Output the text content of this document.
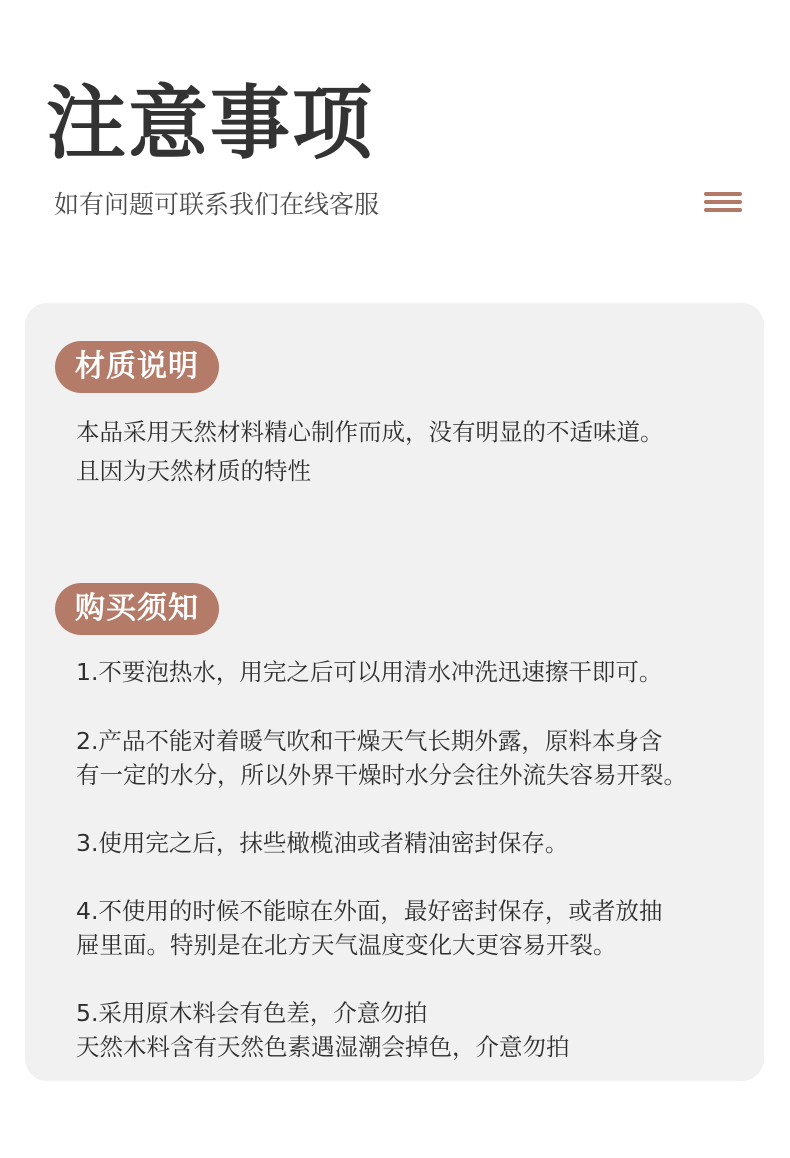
注意事项
如有问题可联系我们在线客服
材质说明
本品采用天然材料精心制作而成，没有明显的不适味道。
且因为天然材质的特性
购买须知
1.不要泡热水，用完之后可以用清水冲洗迅速擦干即可。
2.产品不能对着暖气吹和干燥天气长期外露，原料本身含
有一定的水分，所以外界干燥时水分会往外流失容易开裂。
3.使用完之后，抹些橄榄油或者精油密封保存。
4.不使用的时候不能晾在外面，最好密封保存，或者放抽
屉里面。特别是在北方天气温度变化大更容易开裂。
5.采用原木料会有色差，介意勿拍
天然木料含有天然色素遇湿潮会掉色，介意勿拍
